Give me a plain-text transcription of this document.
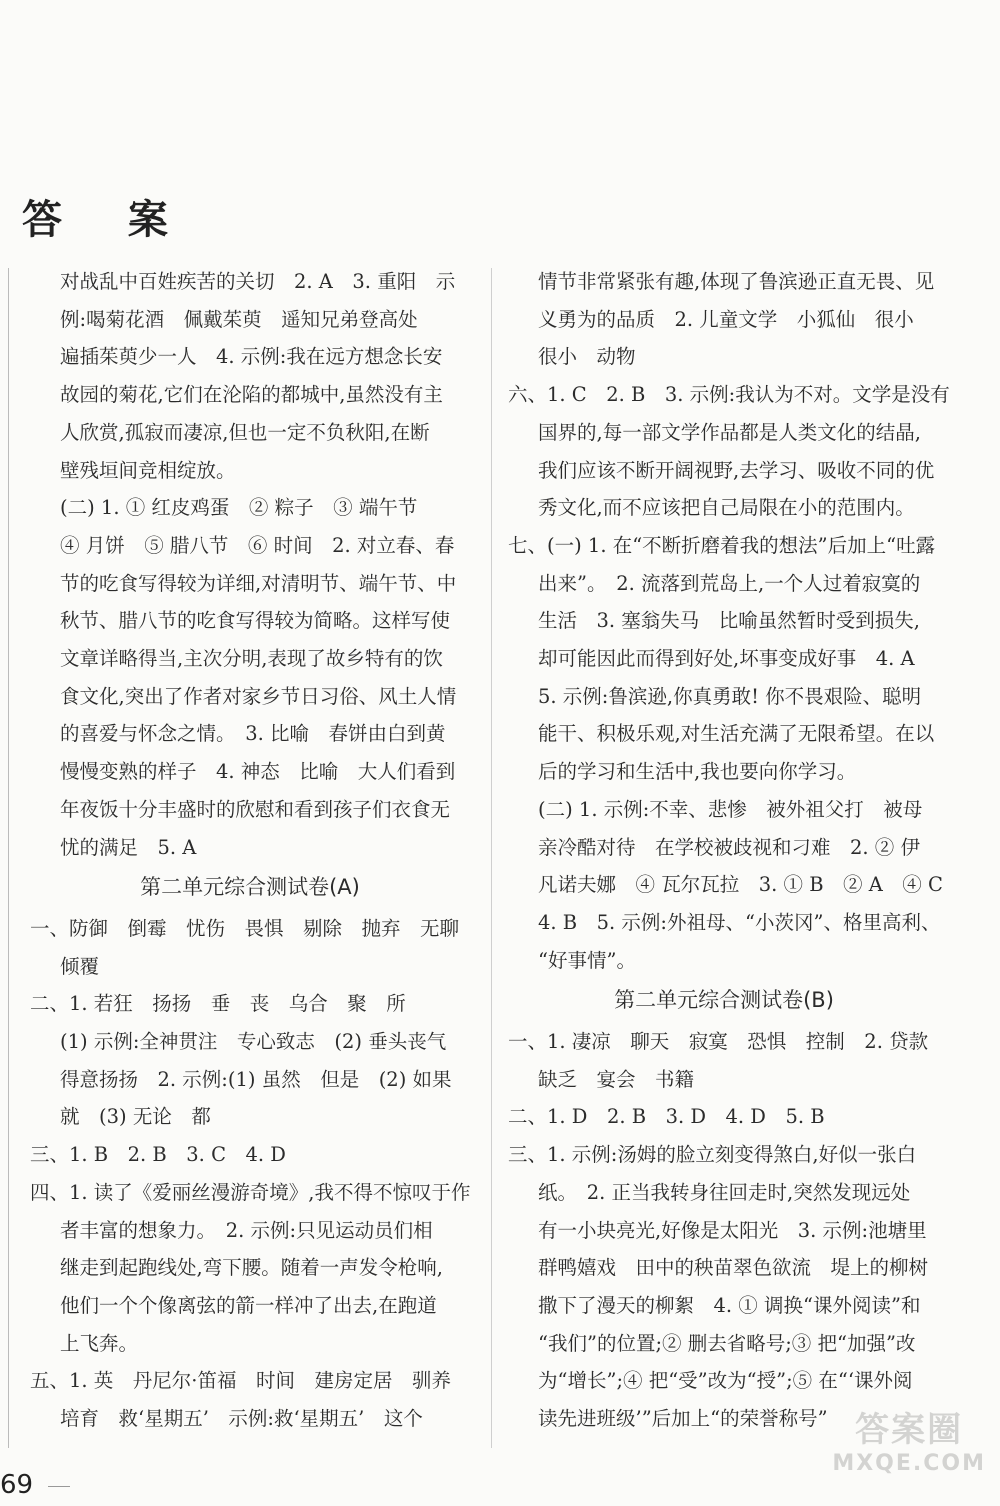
答 案

对战乱中百姓疾苦的关切　2. A　3. 重阳　示

例:喝菊花酒　佩戴茱萸　遥知兄弟登高处

遍插茱萸少一人　4. 示例:我在远方想念长安

故园的菊花,它们在沦陷的都城中,虽然没有主

人欣赏,孤寂而凄凉,但也一定不负秋阳,在断

壁残垣间竞相绽放。

(二) 1. ① 红皮鸡蛋　② 粽子　③ 端午节

④ 月饼　⑤ 腊八节　⑥ 时间　2. 对立春、春

节的吃食写得较为详细,对清明节、端午节、中

秋节、腊八节的吃食写得较为简略。这样写使

文章详略得当,主次分明,表现了故乡特有的饮

食文化,突出了作者对家乡节日习俗、风土人情

的喜爱与怀念之情。　3. 比喻　春饼由白到黄

慢慢变熟的样子　4. 神态　比喻　大人们看到

年夜饭十分丰盛时的欣慰和看到孩子们衣食无

忧的满足　5. A

第二单元综合测试卷(A)

一、防御　倒霉　忧伤　畏惧　剔除　抛弃　无聊

倾覆

二、1. 若狂　扬扬　垂　丧　乌合　聚　所

(1) 示例:全神贯注　专心致志　(2) 垂头丧气

得意扬扬　2. 示例:(1) 虽然　但是　(2) 如果

就　(3) 无论　都

三、1. B　2. B　3. C　4. D

四、1. 读了《爱丽丝漫游奇境》,我不得不惊叹于作

者丰富的想象力。　2. 示例:只见运动员们相

继走到起跑线处,弯下腰。随着一声发令枪响,

他们一个个像离弦的箭一样冲了出去,在跑道

上飞奔。

五、1. 英　丹尼尔·笛福　时间　建房定居　驯养

培育　救‘星期五’　示例:救‘星期五’　这个

情节非常紧张有趣,体现了鲁滨逊正直无畏、见

义勇为的品质　2. 儿童文学　小狐仙　很小

很小　动物

六、1. C　2. B　3. 示例:我认为不对。文学是没有

国界的,每一部文学作品都是人类文化的结晶,

我们应该不断开阔视野,去学习、吸收不同的优

秀文化,而不应该把自己局限在小的范围内。

七、(一) 1. 在“不断折磨着我的想法”后加上“吐露

出来”。　2. 流落到荒岛上,一个人过着寂寞的

生活　3. 塞翁失马　比喻虽然暂时受到损失,

却可能因此而得到好处,坏事变成好事　4. A

5. 示例:鲁滨逊,你真勇敢! 你不畏艰险、聪明

能干、积极乐观,对生活充满了无限希望。在以

后的学习和生活中,我也要向你学习。

(二) 1. 示例:不幸、悲惨　被外祖父打　被母

亲冷酷对待　在学校被歧视和刁难　2. ② 伊

凡诺夫娜　④ 瓦尔瓦拉　3. ① B　② A　④ C

4. B　5. 示例:外祖母、“小茨冈”、格里高利、

“好事情”。

第二单元综合测试卷(B)

一、1. 凄凉　聊天　寂寞　恐惧　控制　2. 贷款

缺乏　宴会　书籍

二、1. D　2. B　3. D　4. D　5. B

三、1. 示例:汤姆的脸立刻变得煞白,好似一张白

纸。　2. 正当我转身往回走时,突然发现远处

有一小块亮光,好像是太阳光　3. 示例:池塘里

群鸭嬉戏　田中的秧苗翠色欲流　堤上的柳树

撒下了漫天的柳絮　4. ① 调换“课外阅读”和

“我们”的位置;② 删去省略号;③ 把“加强”改

为“增长”;④ 把“受”改为“授”;⑤ 在“‘课外阅

读先进班级’”后加上“的荣誉称号”

69
答案圈
MXQE.COM
